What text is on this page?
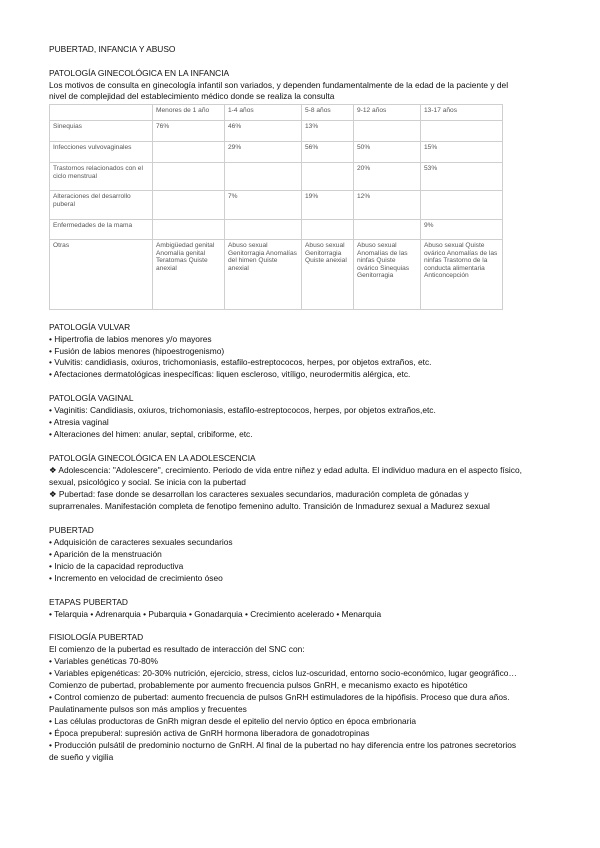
PUBERTAD, INFANCIA Y ABUSO
PATOLOGÍA GINECOLÓGICA EN LA INFANCIA
Los motivos de consulta en ginecología infantil son variados, y dependen fundamentalmente de la edad de la paciente y del
nivel de complejidad del establecimiento médico donde se realiza la consulta
	Menores de 1 año	1-4 años	5-8 años	9-12 años	13-17 años
Sinequias	76%	46%	13%		
Infecciones vulvovaginales		29%	56%	50%	15%
Trastornos relacionados con el ciclo menstrual				20%	53%
Alteraciones del desarrollo puberal		7%	19%	12%	
Enfermedades de la mama					9%
Otras	Ambigüedad genital Anomalía genital Teratomas Quiste anexial	Abuso sexual Genitorragia Anomalías del himen Quiste anexial	Abuso sexual Genitorragia Quiste anexial	Abuso sexual Anomalías de las ninfas Quiste ovárico Sinequias Genitorragia	Abuso sexual Quiste ovárico Anomalías de las ninfas Trastorno de la conducta alimentaria Anticoncepción
PATOLOGÍA VULVAR
• Hipertrofia de labios menores y/o mayores
• Fusión de labios menores (hipoestrogenismo)
• Vulvitis: candidiasis, oxiuros, trichomoniasis, estafilo-estreptococos, herpes, por objetos extraños, etc.
• Afectaciones dermatológicas inespecíficas: liquen escleroso, vitíligo, neurodermitis alérgica, etc.
PATOLOGÍA VAGINAL
• Vaginitis: Candidiasis, oxiuros, trichomoniasis, estafilo-estreptococos, herpes, por objetos extraños,etc.
• Atresia vaginal
• Alteraciones del himen: anular, septal, cribiforme, etc.
PATOLOGÍA GINECOLÓGICA EN LA ADOLESCENCIA
❖ Adolescencia: "Adolescere", crecimiento. Periodo de vida entre niñez y edad adulta. El individuo madura en el aspecto físico,
sexual, psicológico y social. Se inicia con la pubertad
❖ Pubertad: fase donde se desarrollan los caracteres sexuales secundarios, maduración completa de gónadas y
suprarrenales. Manifestación completa de fenotipo femenino adulto. Transición de Inmadurez sexual a Madurez sexual
PUBERTAD
• Adquisición de caracteres sexuales secundarios
• Aparición de la menstruación
• Inicio de la capacidad reproductiva
• Incremento en velocidad de crecimiento óseo
ETAPAS PUBERTAD
• Telarquia • Adrenarquia • Pubarquia • Gonadarquia • Crecimiento acelerado • Menarquia
FISIOLOGÍA PUBERTAD
El comienzo de la pubertad es resultado de interacción del SNC con:
• Variables genéticas 70-80%
• Variables epigenéticas: 20-30% nutrición, ejercicio, stress, ciclos luz-oscuridad, entorno socio-económico, lugar geográfico…
Comienzo de pubertad, probablemente por aumento frecuencia pulsos GnRH, e mecanismo exacto es hipotético
• Control comienzo de pubertad: aumento frecuencia de pulsos GnRH estimuladores de la hipófisis. Proceso que dura años.
Paulatinamente pulsos son más amplios y frecuentes
• Las células productoras de GnRh migran desde el epitelio del nervio óptico en época embrionaria
• Época prepuberal: supresión activa de GnRH hormona liberadora de gonadotropinas
• Producción pulsátil de predominio nocturno de GnRH. Al final de la pubertad no hay diferencia entre los patrones secretorios
de sueño y vigilia
